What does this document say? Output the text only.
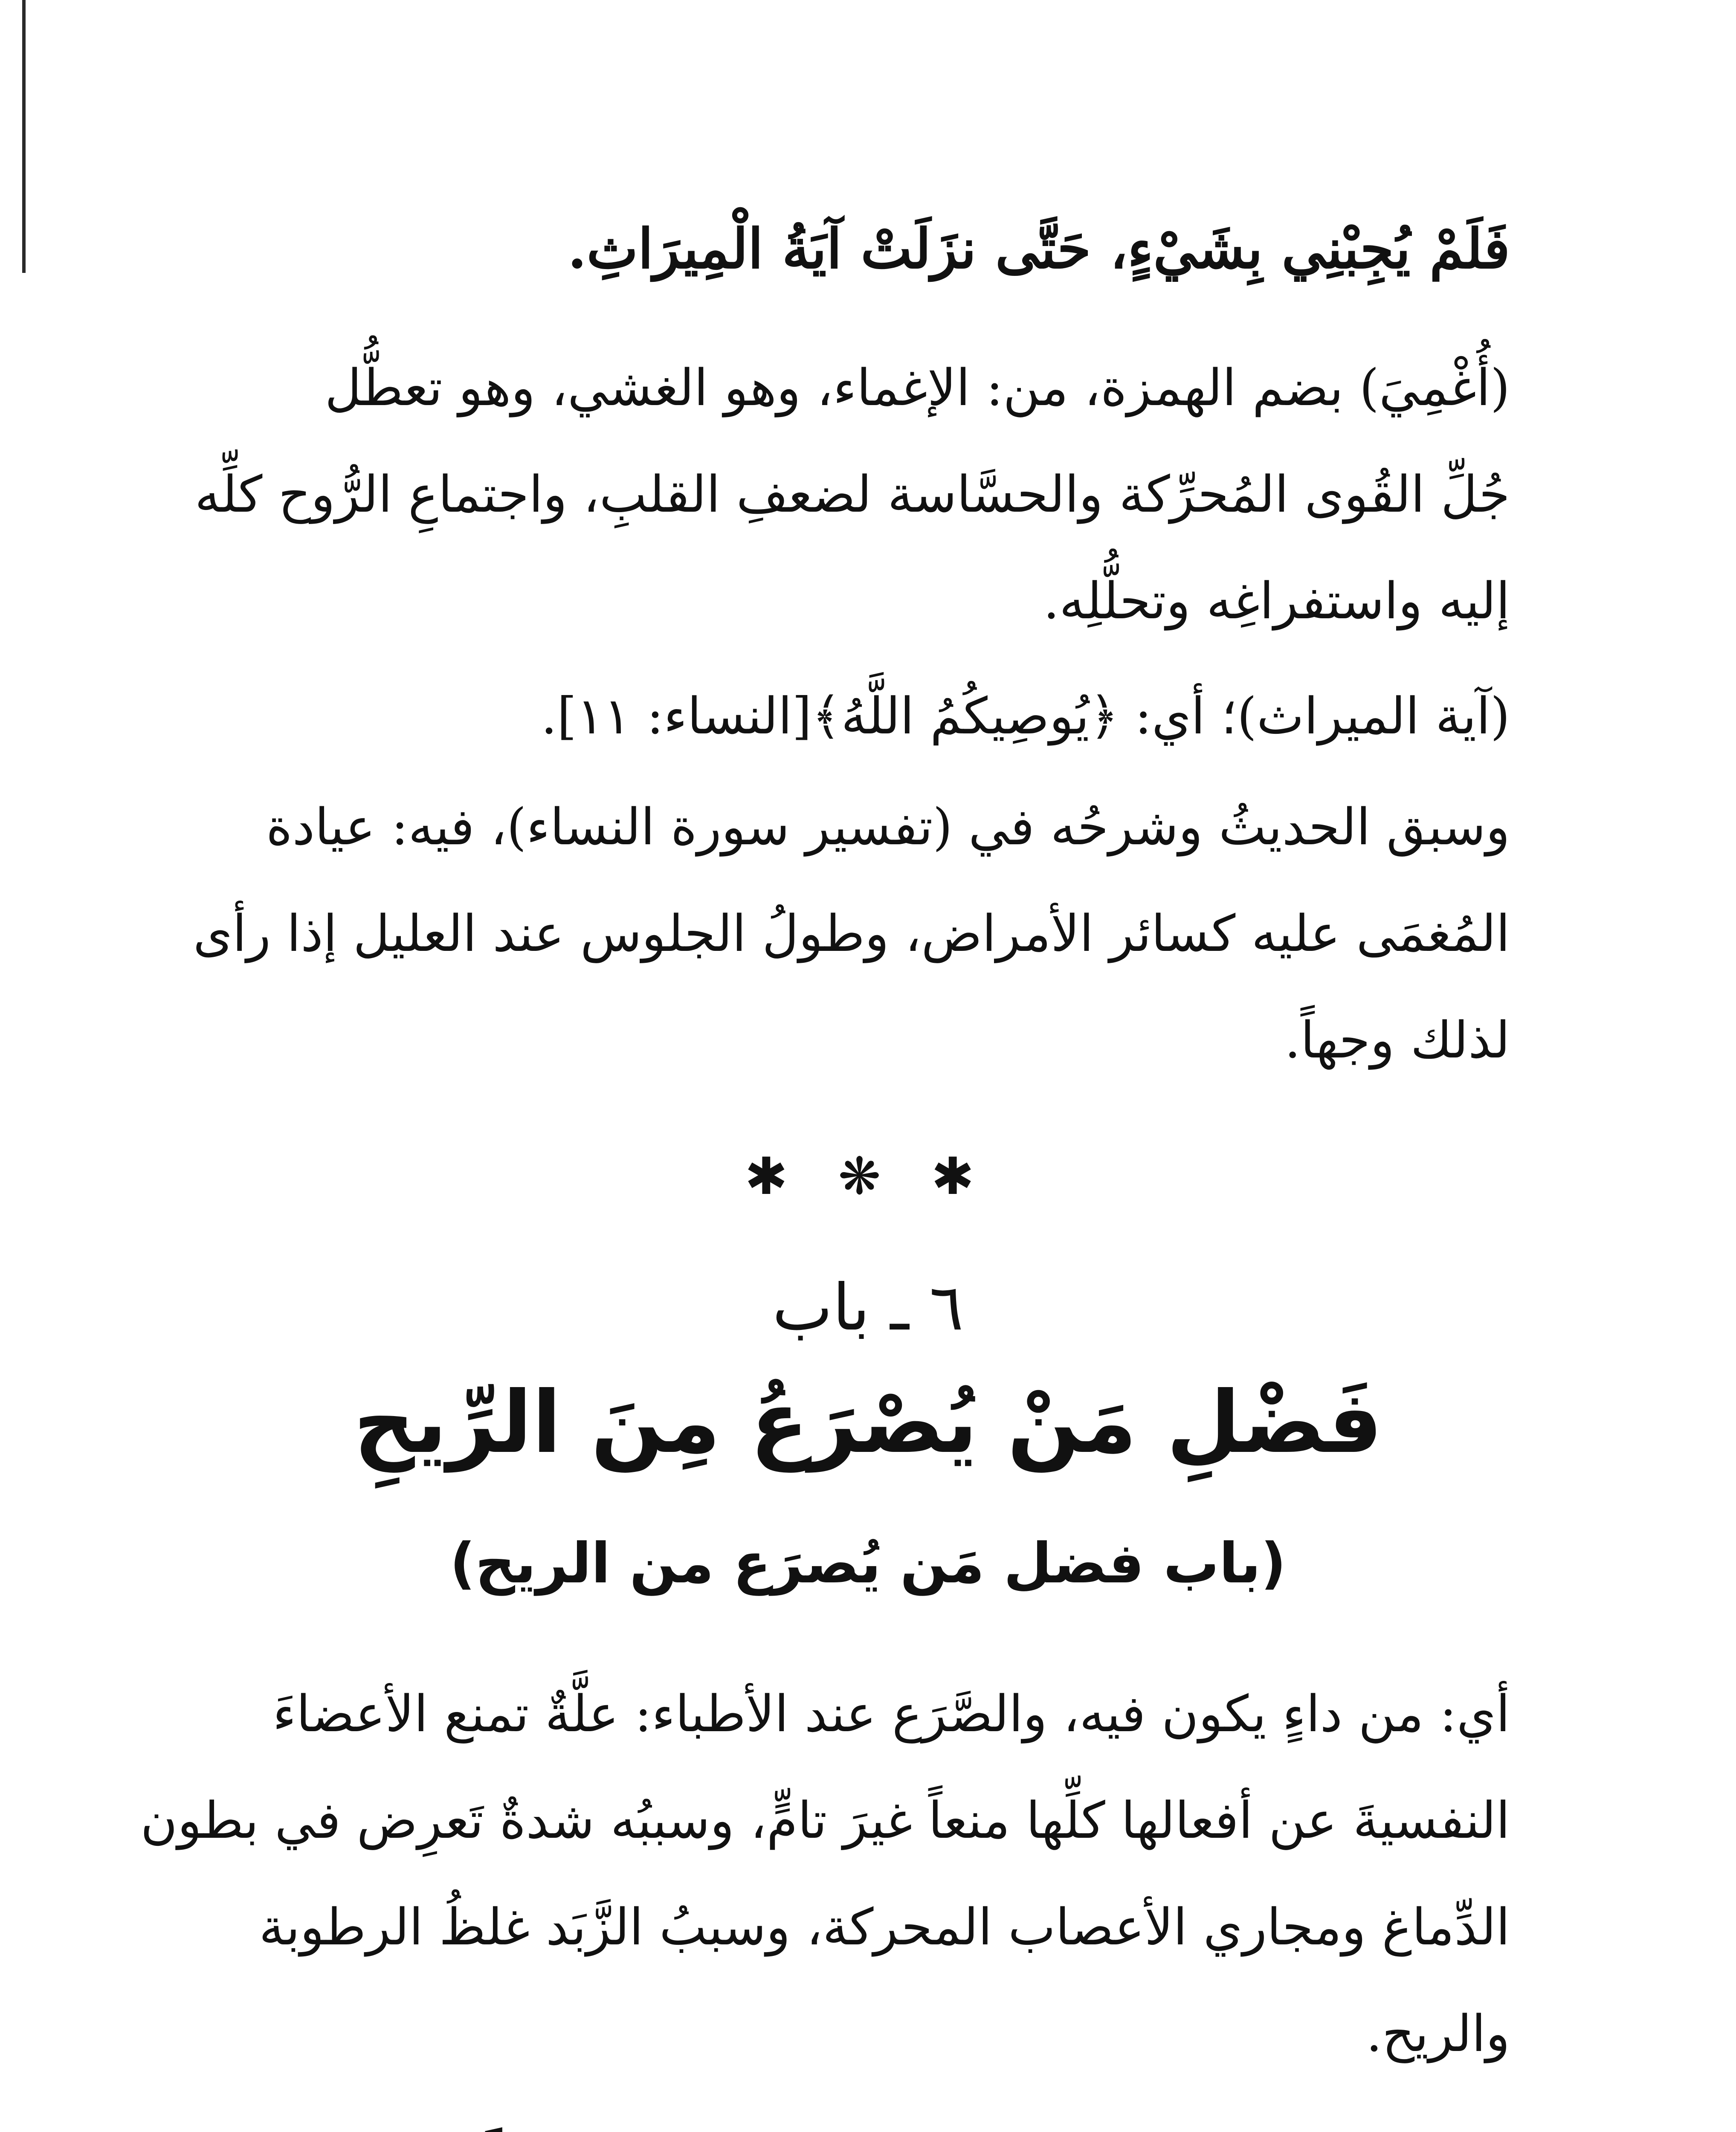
فَلَمْ يُجِبْنِي بِشَيْءٍ، حَتَّى نزَلَتْ آيَةُ الْمِيرَاثِ.
(أُغْمِيَ) بضم الهمزة، من: الإغماء، وهو الغشي، وهو تعطُّل
جُلِّ القُوى المُحرِّكة والحسَّاسة لضعفِ القلبِ، واجتماعِ الرُّوح كلِّه
إليه واستفراغِه وتحلُّلِه.
(آية الميراث)؛ أي: ﴿يُوصِيكُمُ اللَّهُ﴾[النساء: ١١].
وسبق الحديثُ وشرحُه في (تفسير سورة النساء)، فيه: عيادة
المُغمَى عليه كسائر الأمراض، وطولُ الجلوس عند العليل إذا رأى
لذلك وجهاً.
✱ ❋ ✱
٦ ـ باب
فَضْلِ مَنْ يُصْرَعُ مِنَ الرِّيحِ
(باب فضل مَن يُصرَع من الريح)
أي: من داءٍ يكون فيه، والصَّرَع عند الأطباء: علَّةٌ تمنع الأعضاءَ
النفسيةَ عن أفعالها كلِّها منعاً غيرَ تامٍّ، وسببُه شدةٌ تَعرِض في بطون
الدِّماغ ومجاري الأعصاب المحركة، وسببُ الزَّبَد غلظُ الرطوبة
والريح.
